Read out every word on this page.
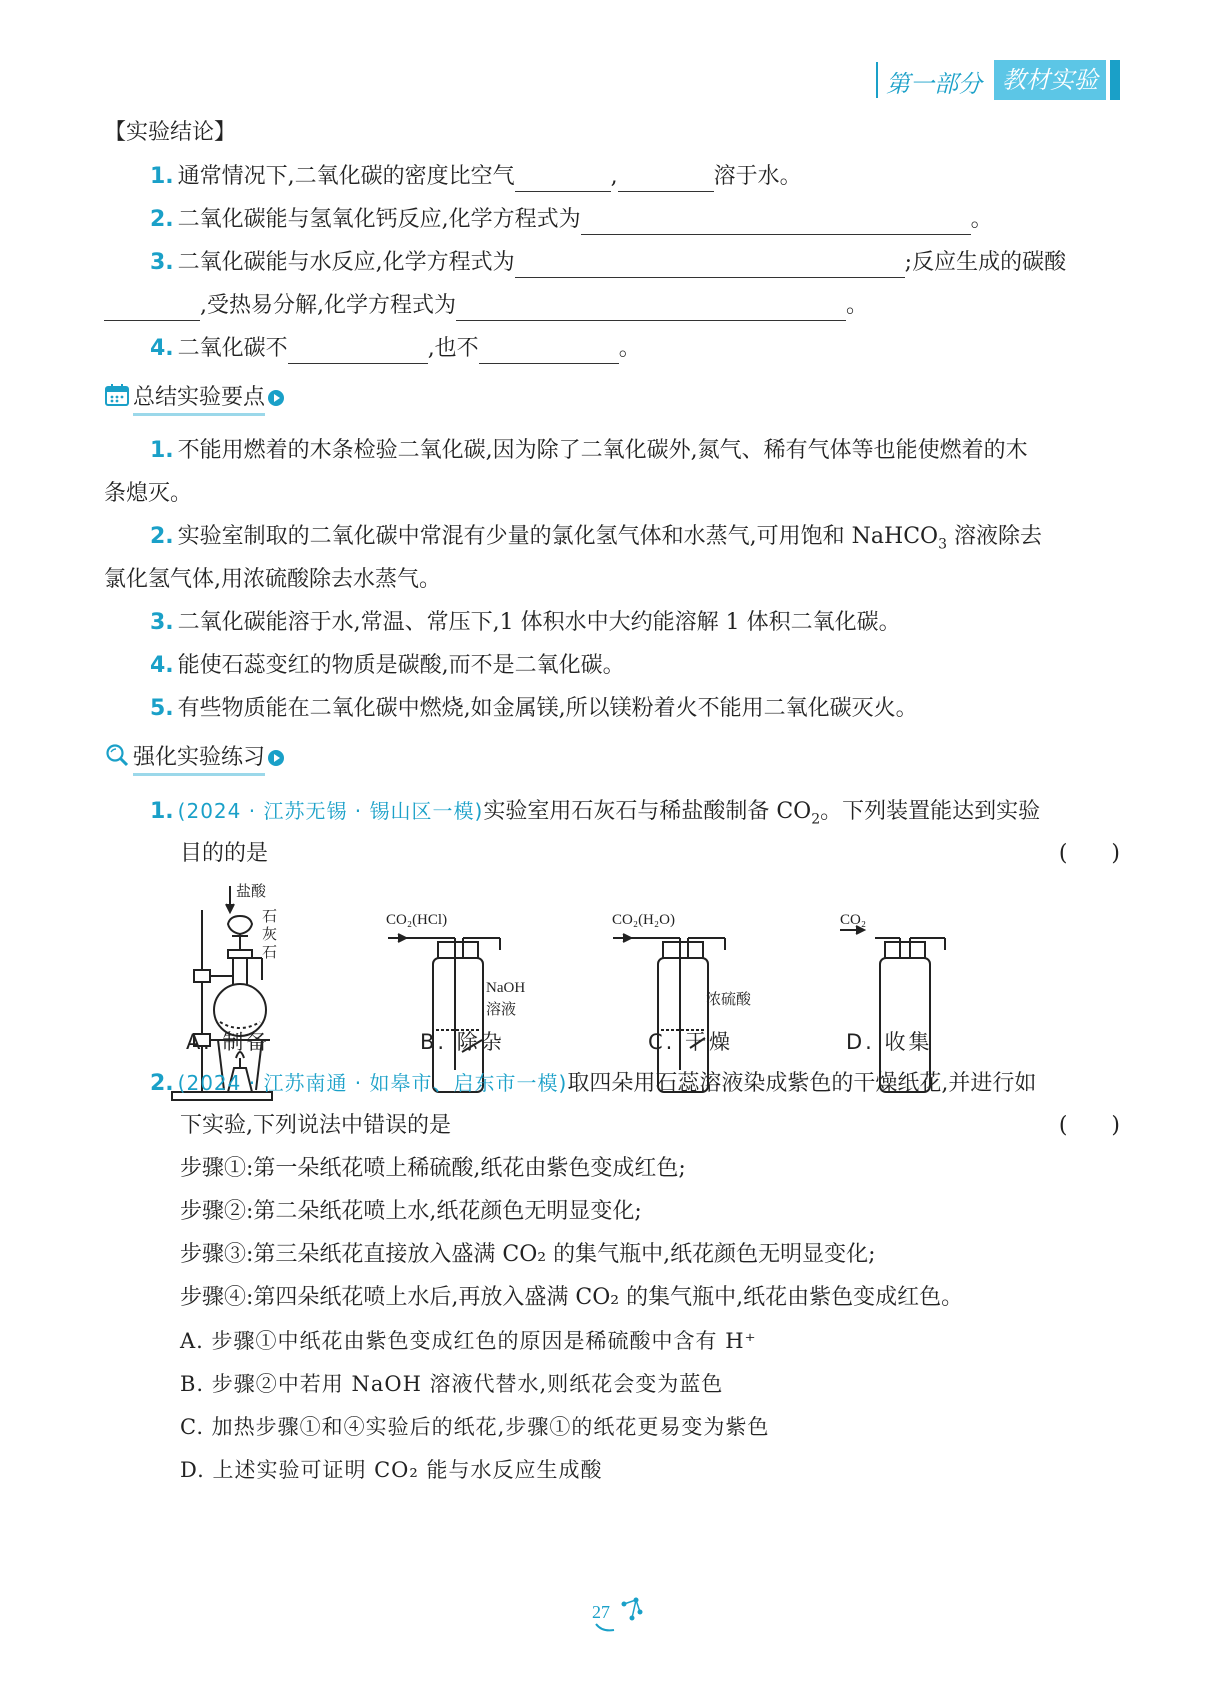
第一部分 教材实验
【实验结论】
1. 通常情况下,二氧化碳的密度比空气	,	溶于水。
2. 二氧化碳能与氢氧化钙反应,化学方程式为	。
3. 二氧化碳能与水反应,化学方程式为	;反应生成的碳酸
,受热易分解,化学方程式为	。
4. 二氧化碳不	,也不	。
总结实验要点
1. 不能用燃着的木条检验二氧化碳,因为除了二氧化碳外,氮气、稀有气体等也能使燃着的木
条熄灭。
2. 实验室制取的二氧化碳中常混有少量的氯化氢气体和水蒸气,可用饱和 NaHCO$_3$ 溶液除去
氯化氢气体,用浓硫酸除去水蒸气。
3. 二氧化碳能溶于水,常温、常压下,1 体积水中大约能溶解 1 体积二氧化碳。
4. 能使石蕊变红的物质是碳酸,而不是二氧化碳。
5. 有些物质能在二氧化碳中燃烧,如金属镁,所以镁粉着火不能用二氧化碳灭火。
强化实验练习
1. (2024 · 江苏无锡 · 锡山区一模)实验室用石灰石与稀盐酸制备 $CO_2$。下列装置能达到实验
目的的是	(　　)
盐酸
石灰石
CO₂(HCl)
NaOH
溶液
CO₂(H₂O)
浓硫酸
CO₂
A. 制备	B. 除杂	C. 干燥	D. 收集
2. (2024 · 江苏南通 · 如皋市、启东市一模)取四朵用石蕊溶液染成紫色的干燥纸花,并进行如
下实验,下列说法中错误的是	(　　)
步骤①:第一朵纸花喷上稀硫酸,纸花由紫色变成红色;
步骤②:第二朵纸花喷上水,纸花颜色无明显变化;
步骤③:第三朵纸花直接放入盛满 CO₂ 的集气瓶中,纸花颜色无明显变化;
步骤④:第四朵纸花喷上水后,再放入盛满 CO₂ 的集气瓶中,纸花由紫色变成红色。
A. 步骤①中纸花由紫色变成红色的原因是稀硫酸中含有 H⁺
B. 步骤②中若用 NaOH 溶液代替水,则纸花会变为蓝色
C. 加热步骤①和④实验后的纸花,步骤①的纸花更易变为紫色
D. 上述实验可证明 CO₂ 能与水反应生成酸
27
